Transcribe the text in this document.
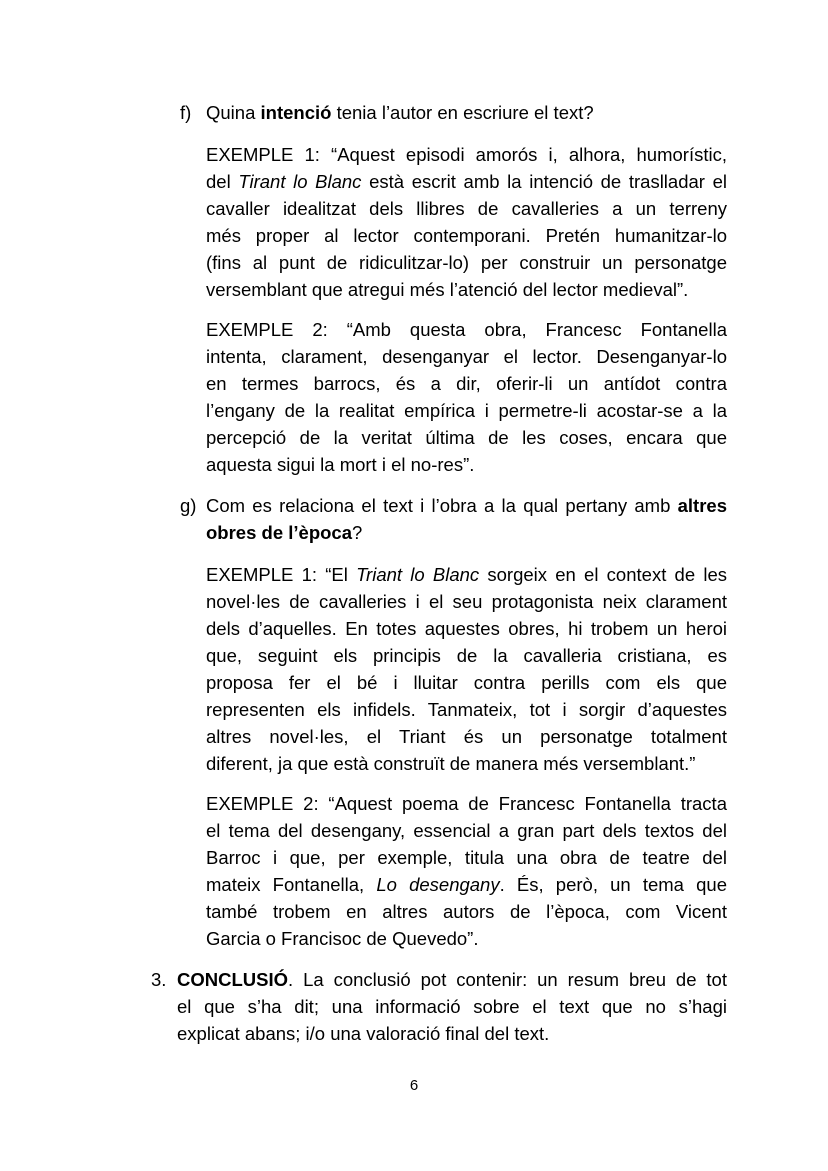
f) Quina intenció tenia l’autor en escriure el text?
EXEMPLE 1: “Aquest episodi amorós i, alhora, humorístic,
del Tirant lo Blanc està escrit amb la intenció de traslladar el
cavaller idealitzat dels llibres de cavalleries a un terreny
més proper al lector contemporani. Pretén humanitzar-lo
(fins al punt de ridiculitzar-lo) per construir un personatge
versemblant que atregui més l’atenció del lector medieval”.
EXEMPLE 2: “Amb questa obra, Francesc Fontanella
intenta, clarament, desenganyar el lector. Desenganyar-lo
en termes barrocs, és a dir, oferir-li un antídot contra
l’engany de la realitat empírica i permetre-li acostar-se a la
percepció de la veritat última de les coses, encara que
aquesta sigui la mort i el no-res”.
g) Com es relaciona el text i l’obra a la qual pertany amb altres
obres de l’època?
EXEMPLE 1: “El Triant lo Blanc sorgeix en el context de les
novel·les de cavalleries i el seu protagonista neix clarament
dels d’aquelles. En totes aquestes obres, hi trobem un heroi
que, seguint els principis de la cavalleria cristiana, es
proposa fer el bé i lluitar contra perills com els que
representen els infidels. Tanmateix, tot i sorgir d’aquestes
altres novel·les, el Triant és un personatge totalment
diferent, ja que està construït de manera més versemblant.”
EXEMPLE 2: “Aquest poema de Francesc Fontanella tracta
el tema del desengany, essencial a gran part dels textos del
Barroc i que, per exemple, titula una obra de teatre del
mateix Fontanella, Lo desengany. És, però, un tema que
també trobem en altres autors de l’època, com Vicent
Garcia o Francisoc de Quevedo”.
3. CONCLUSIÓ. La conclusió pot contenir: un resum breu de tot
el que s’ha dit; una informació sobre el text que no s’hagi
explicat abans; i/o una valoració final del text.
6
